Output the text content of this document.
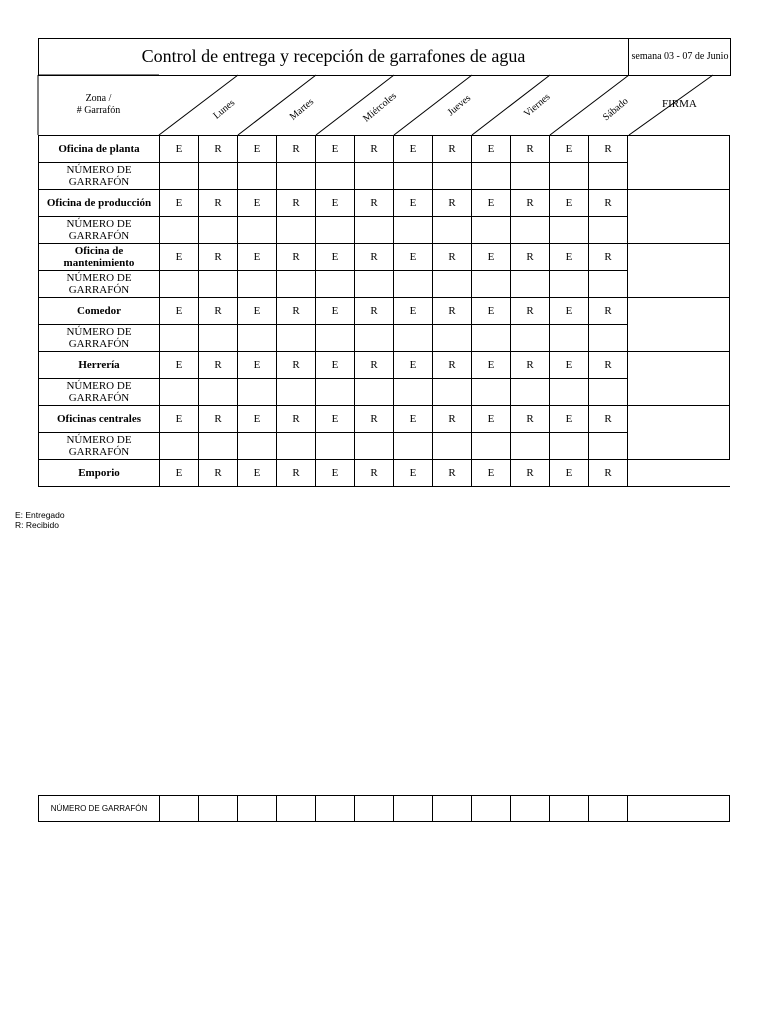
Control de entrega y recepción de garrafones de agua	semana 03 - 07 de Junio
Zona /
# Garrafón	Lunes	Martes	Miércoles	Jueves	Viernes	Sábado	FIRMA
Oficina de planta	E	R	E	R	E	R	E	R	E	R	E	R	
NÚMERO DE GARRAFÓN													
Oficina de producción	E	R	E	R	E	R	E	R	E	R	E	R	
NÚMERO DE GARRAFÓN													
Oficina de mantenimiento	E	R	E	R	E	R	E	R	E	R	E	R	
NÚMERO DE GARRAFÓN													
Comedor	E	R	E	R	E	R	E	R	E	R	E	R	
NÚMERO DE GARRAFÓN													
Herrería	E	R	E	R	E	R	E	R	E	R	E	R	
NÚMERO DE GARRAFÓN													
Oficinas centrales	E	R	E	R	E	R	E	R	E	R	E	R	
NÚMERO DE GARRAFÓN													
Emporio	E	R	E	R	E	R	E	R	E	R	E	R	
E: Entregado
R: Recibido
NÚMERO DE GARRAFÓN													
